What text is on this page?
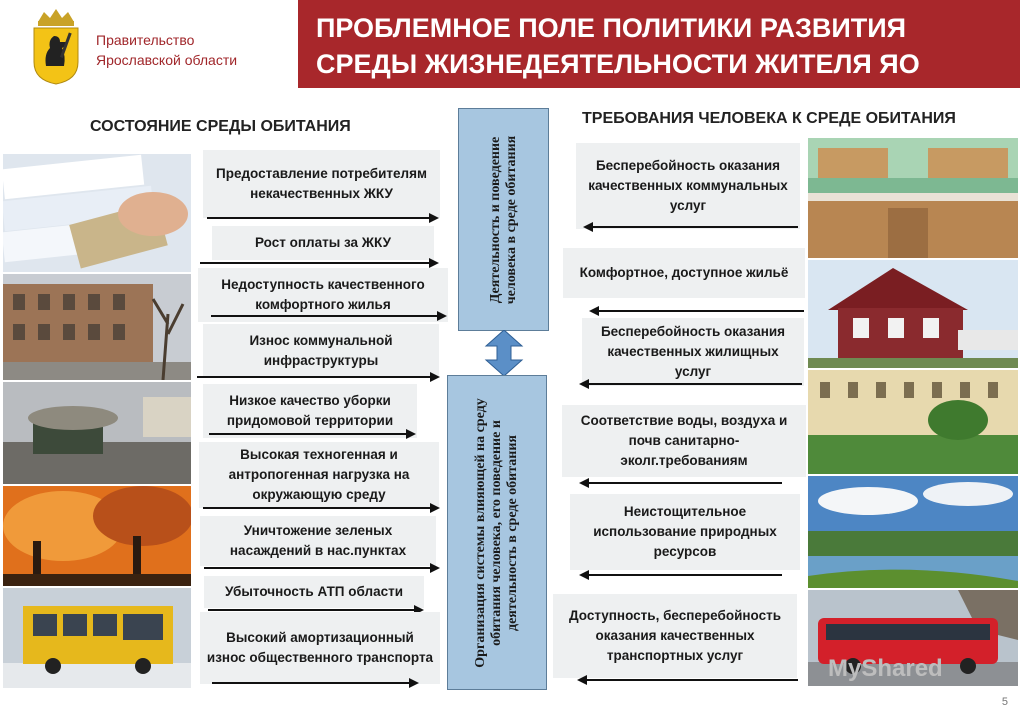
Правительство
Ярославской области
ПРОБЛЕМНОЕ ПОЛЕ ПОЛИТИКИ РАЗВИТИЯ
СРЕДЫ ЖИЗНЕДЕЯТЕЛЬНОСТИ ЖИТЕЛЯ ЯО
СОСТОЯНИЕ СРЕДЫ ОБИТАНИЯ	ТРЕБОВАНИЯ ЧЕЛОВЕКА К СРЕДЕ ОБИТАНИЯ
Предоставление потребителям некачественных ЖКУ
Рост оплаты за ЖКУ
Недоступность качественного комфортного жилья
Износ коммунальной инфраструктуры
Низкое качество уборки придомовой территории
Высокая техногенная и антропогенная нагрузка на окружающую среду
Уничтожение зеленых насаждений в нас.пунктах
Убыточность АТП области
Высокий амортизационный износ общественного транспорта
Деятельность и поведение человека в среде обитания
Организация системы влияющей на среду обитания человека, его поведение и деятельность в среде обитания
Бесперебойность оказания качественных коммунальных услуг
Комфортное, доступное жильё
Бесперебойность оказания качественных жилищных услуг
Соответствие воды, воздуха и почв санитарно-эколг.требованиям
Неистощительное использование природных ресурсов
Доступность, бесперебойность оказания качественных транспортных услуг	MyShared
5
